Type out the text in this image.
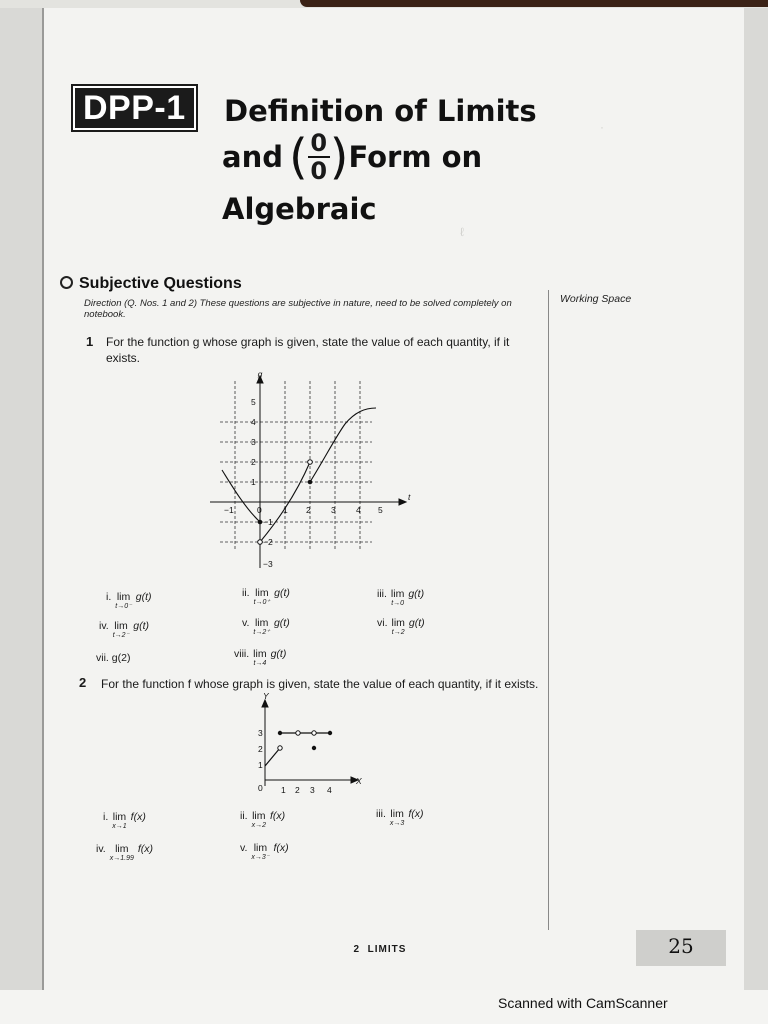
ℓ
·
DPP-1	Definition of Limits
and ( $\frac{0}{0}$ ) Form on
Algebraic
Subjective Questions
Direction (Q. Nos. 1 and 2) These questions are subjective in nature, need to be solved completely on notebook.
Working Space
1 For the function g whose graph is given, state the value of each quantity, if it exists.
g
t
−1	0	1 2 3 4 5
5
4
3
2
1
−1
−2
−3
i. lim
t→0⁻
g(t)	ii. lim
t→0⁺
g(t)	iii. lim
t→0
g(t)
iv. lim
t→2⁻
g(t)	v. lim
t→2⁺
g(t)	vi. lim
t→2
g(t)
vii. g(2)	viii. lim
t→4
g(t)
2 For the function f whose graph is given, state the value of each quantity, if it exists.
Y
X
0 1 2 3 4
1
2
3
i. lim
x→1
f(x)	ii. lim
x→2
f(x)	iii. lim
x→3
f(x)
iv. lim
x→1.99
f(x)	v. lim
x→3⁻
f(x)
2 LIMITS	25
Scanned with CamScanner
